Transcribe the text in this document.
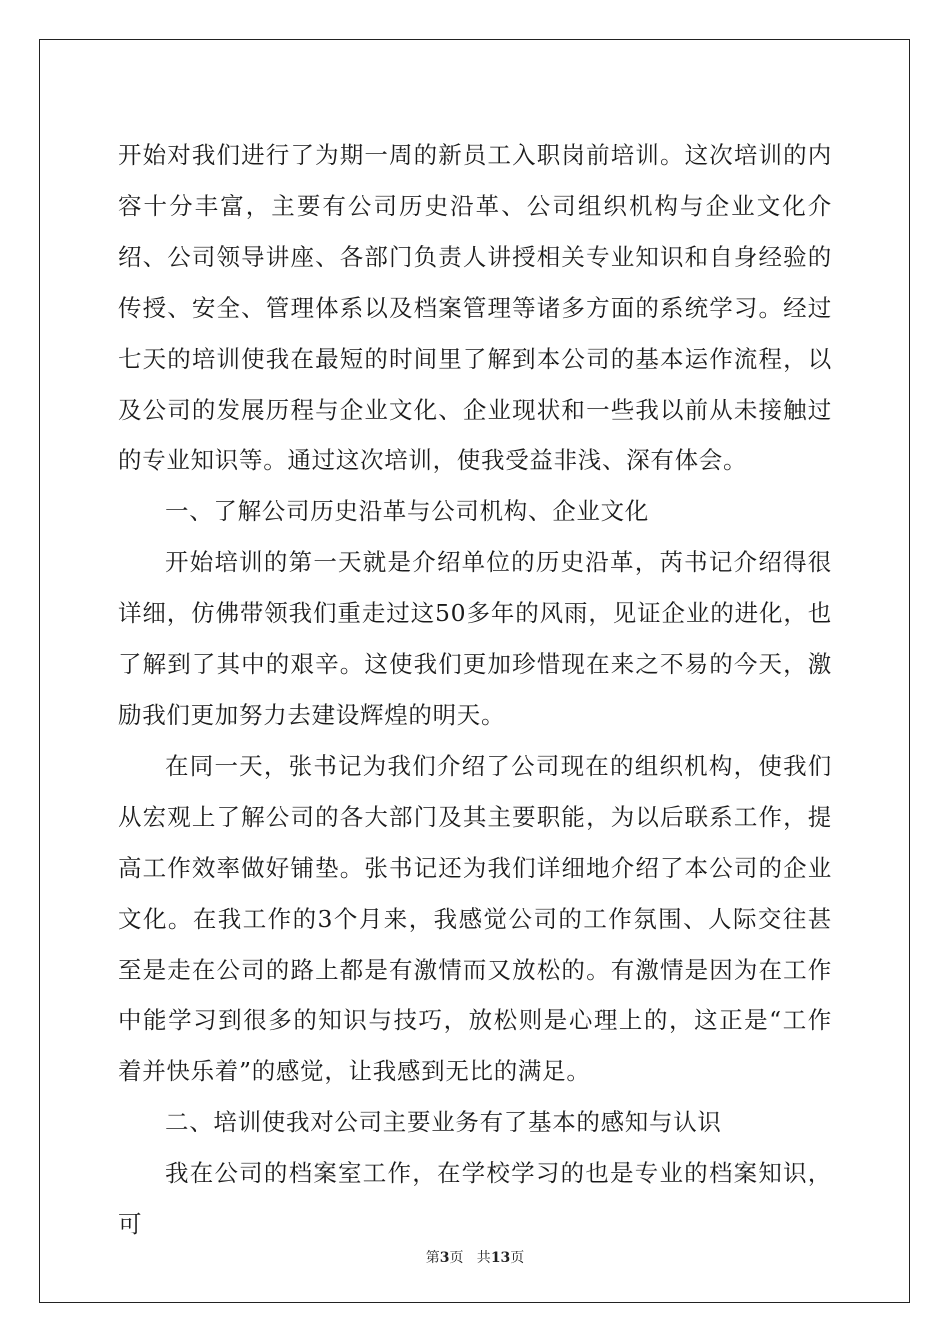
开始对我们进行了为期一周的新员工入职岗前培训。这次培训的内容十分丰富，主要有公司历史沿革、公司组织机构与企业文化介绍、公司领导讲座、各部门负责人讲授相关专业知识和自身经验的传授、安全、管理体系以及档案管理等诸多方面的系统学习。经过七天的培训使我在最短的时间里了解到本公司的基本运作流程，以及公司的发展历程与企业文化、企业现状和一些我以前从未接触过的专业知识等。通过这次培训，使我受益非浅、深有体会。

一、了解公司历史沿革与公司机构、企业文化

开始培训的第一天就是介绍单位的历史沿革，芮书记介绍得很详细，仿佛带领我们重走过这50多年的风雨，见证企业的进化，也了解到了其中的艰辛。这使我们更加珍惜现在来之不易的今天，激励我们更加努力去建设辉煌的明天。

在同一天，张书记为我们介绍了公司现在的组织机构，使我们从宏观上了解公司的各大部门及其主要职能，为以后联系工作，提高工作效率做好铺垫。张书记还为我们详细地介绍了本公司的企业文化。在我工作的3个月来，我感觉公司的工作氛围、人际交往甚至是走在公司的路上都是有激情而又放松的。有激情是因为在工作中能学习到很多的知识与技巧，放松则是心理上的，这正是“工作着并快乐着”的感觉，让我感到无比的满足。

二、培训使我对公司主要业务有了基本的感知与认识

我在公司的档案室工作，在学校学习的也是专业的档案知识，可

第3页   共13页
